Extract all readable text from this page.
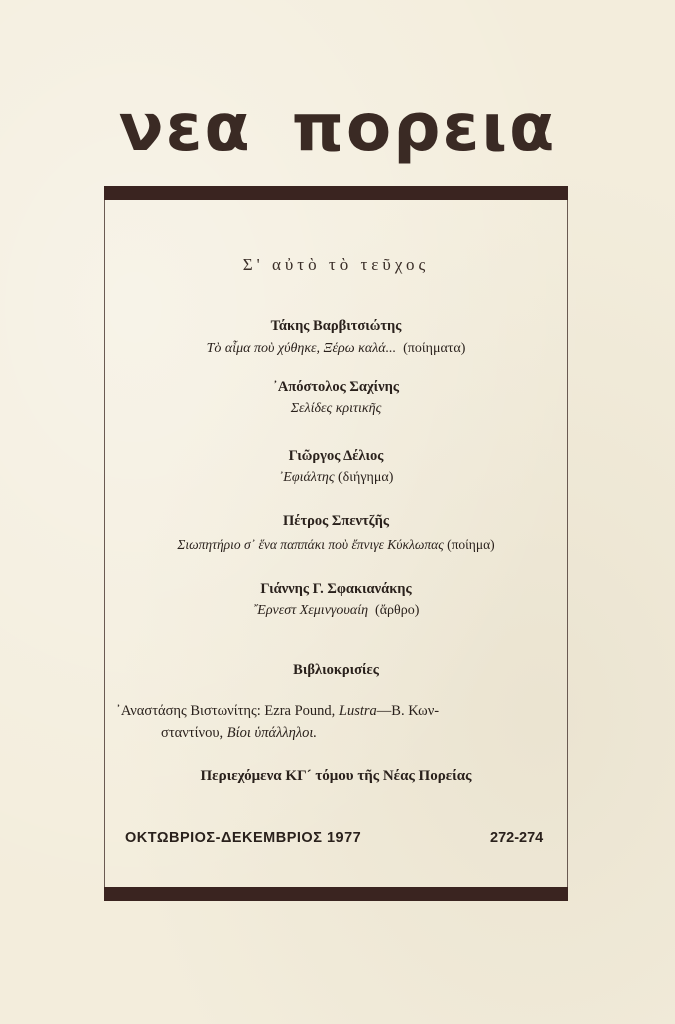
νεα πορεια
Σ' αὐτὸ τὸ τεῦχος
Τάκης Βαρβιτσιώτης
Τὸ αἷμα ποὺ χύθηκε, Ξέρω καλά... (ποίηματα)
᾿Απόστολος Σαχίνης
Σελίδες κριτικῆς
Γιῶργος Δέλιος
᾿Εφιάλτης (διήγημα)
Πέτρος Σπεντζῆς
Σιωπητήριο σ᾿ ἕνα παππάκι ποὺ ἔπνιγε Κύκλωπας (ποίημα)
Γιάννης Γ. Σφακιανάκης
῎Ερνεστ Χεμινγουαίη (ἄρθρο)
Βιβλιοκρισίες
᾿Αναστάσης Βιστωνίτης: Ezra Pound, Lustra—Β. Κων-
σταντίνου, Βίοι ὑπάλληλοι.
Περιεχόμενα ΚΓ´ τόμου τῆς Νέας Πορείας
ΟΚΤΩΒΡΙΟΣ-ΔΕΚΕΜΒΡΙΟΣ 1977	272-274
